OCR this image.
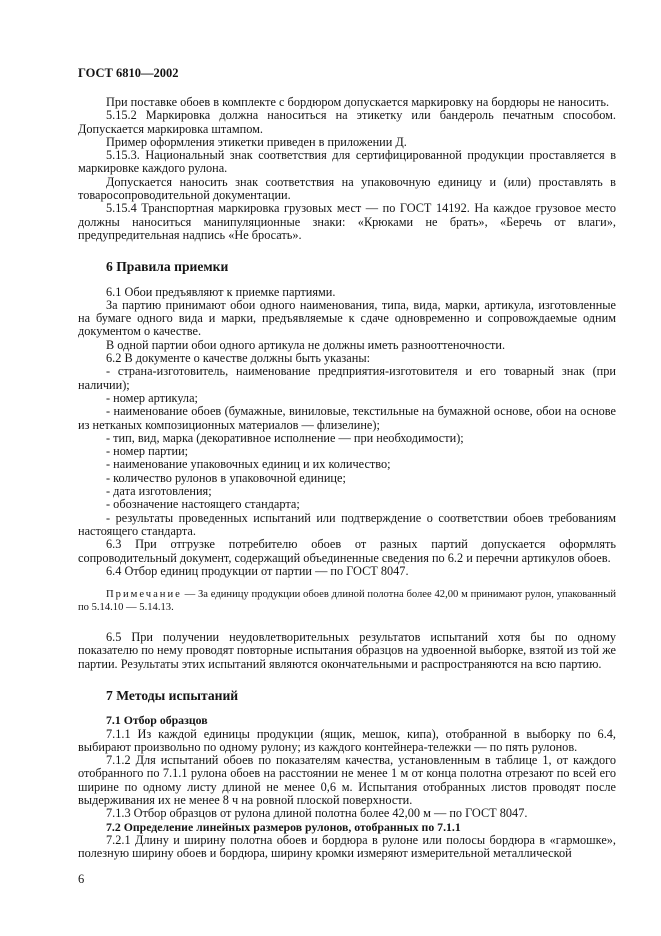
ГОСТ 6810—2002

При поставке обоев в комплекте с бордюром допускается маркировку на бордюры не наносить.

5.15.2 Маркировка должна наноситься на этикетку или бандероль печатным способом. Допускается маркировка штампом.

Пример оформления этикетки приведен в приложении Д.

5.15.3. Национальный знак соответствия для сертифицированной продукции проставляется в маркировке каждого рулона.

Допускается наносить знак соответствия на упаковочную единицу и (или) проставлять в товаросопроводительной документации.

5.15.4 Транспортная маркировка грузовых мест — по ГОСТ 14192. На каждое грузовое место должны наноситься манипуляционные знаки: «Крюками не брать», «Беречь от влаги», предупредительная надпись «Не бросать».

6 Правила приемки

6.1 Обои предъявляют к приемке партиями.

За партию принимают обои одного наименования, типа, вида, марки, артикула, изготовленные на бумаге одного вида и марки, предъявляемые к сдаче одновременно и сопровождаемые одним документом о качестве.

В одной партии обои одного артикула не должны иметь разнооттеночности.

6.2 В документе о качестве должны быть указаны:

- страна-изготовитель, наименование предприятия-изготовителя и его товарный знак (при наличии);

- номер артикула;

- наименование обоев (бумажные, виниловые, текстильные на бумажной основе, обои на основе из нетканых композиционных материалов — флизелине);

- тип, вид, марка (декоративное исполнение — при необходимости);

- номер партии;

- наименование упаковочных единиц и их количество;

- количество рулонов в упаковочной единице;

- дата изготовления;

- обозначение настоящего стандарта;

- результаты проведенных испытаний или подтверждение о соответствии обоев требованиям настоящего стандарта.

6.3 При отгрузке потребителю обоев от разных партий допускается оформлять сопроводительный документ, содержащий объединенные сведения по 6.2 и перечни артикулов обоев.

6.4 Отбор единиц продукции от партии — по ГОСТ 8047.

Примечание — За единицу продукции обоев длиной полотна более 42,00 м принимают рулон, упакованный по 5.14.10 — 5.14.13.

6.5 При получении неудовлетворительных результатов испытаний хотя бы по одному показателю по нему проводят повторные испытания образцов на удвоенной выборке, взятой из той же партии. Результаты этих испытаний являются окончательными и распространяются на всю партию.

7 Методы испытаний

7.1 Отбор образцов

7.1.1 Из каждой единицы продукции (ящик, мешок, кипа), отобранной в выборку по 6.4, выбирают произвольно по одному рулону; из каждого контейнера-тележки — по пять рулонов.

7.1.2 Для испытаний обоев по показателям качества, установленным в таблице 1, от каждого отобранного по 7.1.1 рулона обоев на расстоянии не менее 1 м от конца полотна отрезают по всей его ширине по одному листу длиной не менее 0,6 м. Испытания отобранных листов проводят после выдерживания их не менее 8 ч на ровной плоской поверхности.

7.1.3 Отбор образцов от рулона длиной полотна более 42,00 м — по ГОСТ 8047.

7.2 Определение линейных размеров рулонов, отобранных по 7.1.1

7.2.1 Длину и ширину полотна обоев и бордюра в рулоне или полосы бордюра в «гармошке», полезную ширину обоев и бордюра, ширину кромки измеряют измерительной металлической

6
